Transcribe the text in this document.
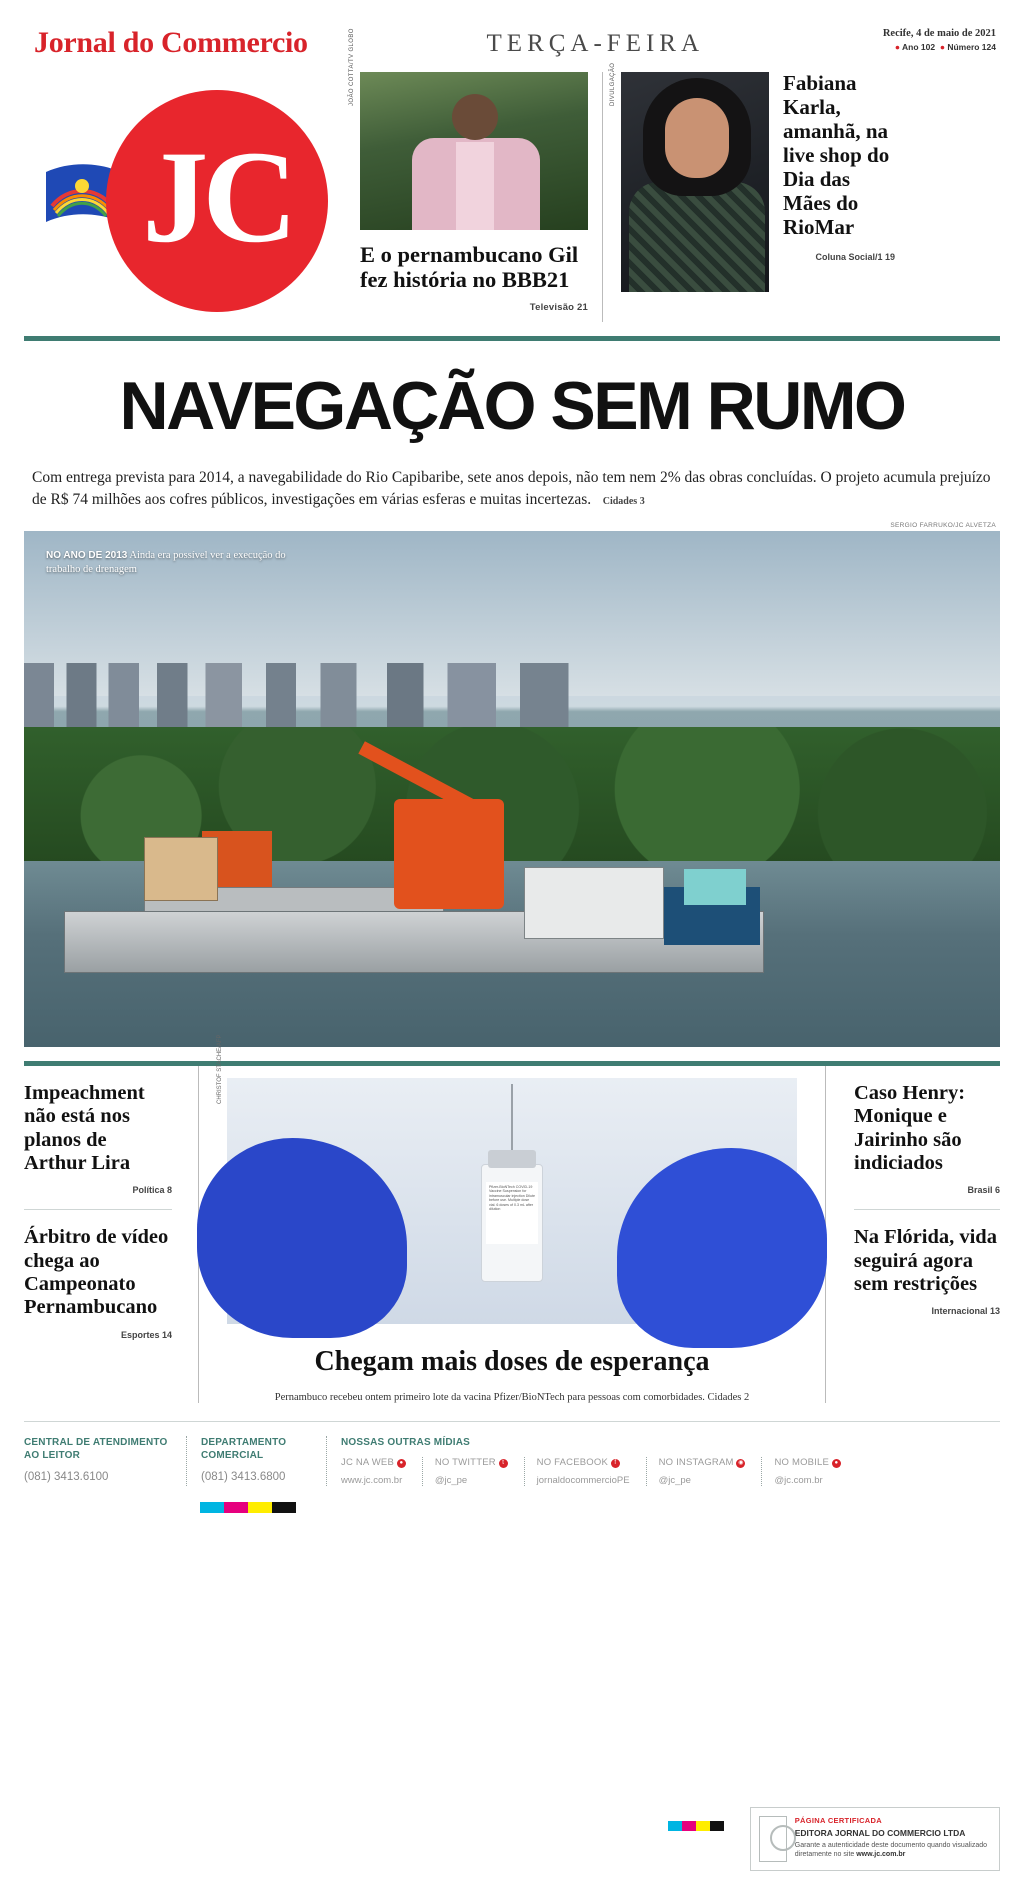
Jornal do Commercio	TERÇA-FEIRA	Recife, 4 de maio de 2021
● Ano 102 ● Número 124
JC
JOÃO COTTA/TV GLOBO
E o pernambucano Gil fez história no BBB21
Televisão 21
DIVULGAÇÃO	Fabiana Karla, amanhã, na live shop do Dia das Mães do RioMar
Coluna Social/1 19
NAVEGAÇÃO SEM RUMO
Com entrega prevista para 2014, a navegabilidade do Rio Capibaribe, sete anos depois, não tem nem 2% das obras concluídas. O projeto acumula prejuízo de R$ 74 milhões aos cofres públicos, investigações em várias esferas e muitas incertezas. Cidades 3
SERGIO FARRUKO/JC ALVETZA
NO ANO DE 2013 Ainda era possível ver a execução do trabalho de drenagem
Impeachment não está nos planos de Arthur Lira
Política 8
Árbitro de vídeo chega ao Campeonato Pernambucano
Esportes 14
Pfizer-BioNTech COVID-19 Vaccine Suspension for intramuscular injection Dilute before use. Multiple dose vial. 6 doses of 0.3 mL after dilution
CHRISTOF STACHE/AFP
Chegam mais doses de esperança
Pernambuco recebeu ontem primeiro lote da vacina Pfizer/BioNTech para pessoas com comorbidades. Cidades 2
Caso Henry: Monique e Jairinho são indiciados
Brasil 6
Na Flórida, vida seguirá agora sem restrições
Internacional 13
CENTRAL DE ATENDIMENTO AO LEITOR
(081) 3413.6100
DEPARTAMENTO COMERCIAL
(081) 3413.6800
NOSSAS OUTRAS MÍDIAS
JC NA WEB ●
www.jc.com.br
NO TWITTER t
@jc_pe
NO FACEBOOK f
jornaldocommercioPE
NO INSTAGRAM ◉
@jc_pe
NO MOBILE ●
@jc.com.br
PÁGINA CERTIFICADA
EDITORA JORNAL DO COMMERCIO LTDA
Garante a autenticidade deste documento quando visualizado diretamente no site www.jc.com.br
